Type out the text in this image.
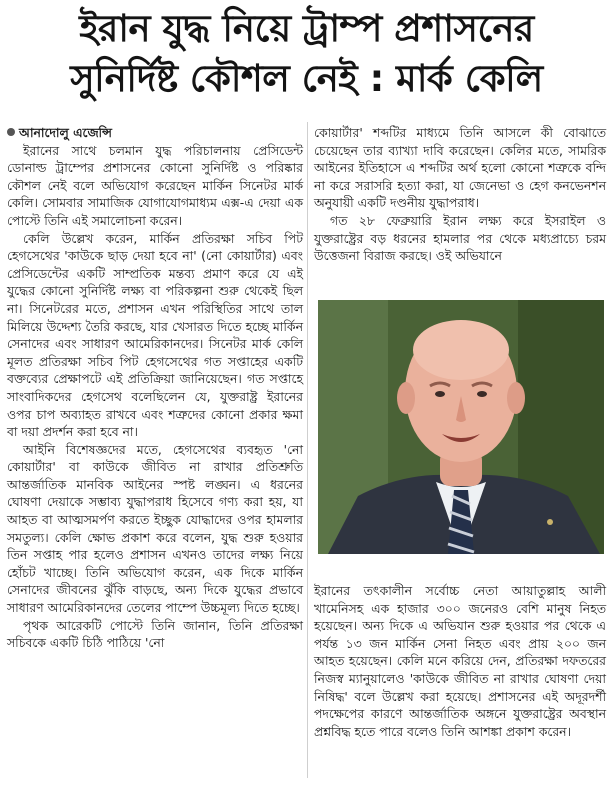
ইরান যুদ্ধ নিয়ে ট্রাম্প প্রশাসনের
সুনির্দিষ্ট কৌশল নেই : মার্ক কেলি
আনাদোলু এজেন্সি

ইরানের সাথে চলমান যুদ্ধ পরিচালনায় প্রেসিডেন্ট ডোনাল্ড ট্রাম্পের প্রশাসনের কোনো সুনির্দিষ্ট ও পরিষ্কার কৌশল নেই বলে অভিযোগ করেছেন মার্কিন সিনেটর মার্ক কেলি। সোমবার সামাজিক যোগাযোগমাধ্যম এক্স-এ দেয়া এক পোস্টে তিনি এই সমালোচনা করেন।

কেলি উল্লেখ করেন, মার্কিন প্রতিরক্ষা সচিব পিট হেগসেথের 'কাউকে ছাড় দেয়া হবে না' (নো কোয়ার্টার) এবং প্রেসিডেন্টের একটি সাম্প্রতিক মন্তব্য প্রমাণ করে যে এই যুদ্ধের কোনো সুনির্দিষ্ট লক্ষ্য বা পরিকল্পনা শুরু থেকেই ছিল না। সিনেটরের মতে, প্রশাসন এখন পরিস্থিতির সাথে তাল মিলিয়ে উদ্দেশ্য তৈরি করছে, যার খেসারত দিতে হচ্ছে মার্কিন সেনাদের এবং সাধারণ আমেরিকানদের। সিনেটর মার্ক কেলি মূলত প্রতিরক্ষা সচিব পিট হেগসেথের গত সপ্তাহের একটি বক্তব্যের প্রেক্ষাপটে এই প্রতিক্রিয়া জানিয়েছেন। গত সপ্তাহে সাংবাদিকদের হেগসেথ বলেছিলেন যে, যুক্তরাষ্ট্র ইরানের ওপর চাপ অব্যাহত রাখবে এবং শত্রুদের কোনো প্রকার ক্ষমা বা দয়া প্রদর্শন করা হবে না।

আইনি বিশেষজ্ঞদের মতে, হেগসেথের ব্যবহৃত 'নো কোয়ার্টার' বা কাউকে জীবিত না রাখার প্রতিশ্রুতি আন্তর্জাতিক মানবিক আইনের স্পষ্ট লঙ্ঘন। এ ধরনের ঘোষণা দেয়াকে সম্ভাব্য যুদ্ধাপরাধ হিসেবে গণ্য করা হয়, যা আহত বা আত্মসমর্পণ করতে ইচ্ছুক যোদ্ধাদের ওপর হামলার সমতুল্য। কেলি ক্ষোভ প্রকাশ করে বলেন, যুদ্ধ শুরু হওয়ার তিন সপ্তাহ পার হলেও প্রশাসন এখনও তাদের লক্ষ্য নিয়ে হোঁচট খাচ্ছে। তিনি অভিযোগ করেন, এক দিকে মার্কিন সেনাদের জীবনের ঝুঁকি বাড়ছে, অন্য দিকে যুদ্ধের প্রভাবে সাধারণ আমেরিকানদের তেলের পাম্পে উচ্চমূল্য দিতে হচ্ছে।

পৃথক আরেকটি পোস্টে তিনি জানান, তিনি প্রতিরক্ষা সচিবকে একটি চিঠি পাঠিয়ে 'নো

কোয়ার্টার' শব্দটির মাধ্যমে তিনি আসলে কী বোঝাতে চেয়েছেন তার ব্যাখ্যা দাবি করেছেন। কেলির মতে, সামরিক আইনের ইতিহাসে এ শব্দটির অর্থ হলো কোনো শত্রুকে বন্দি না করে সরাসরি হত্যা করা, যা জেনেভা ও হেগ কনভেনশন অনুযায়ী একটি দণ্ডনীয় যুদ্ধাপরাধ।

গত ২৮ ফেব্রুয়ারি ইরান লক্ষ্য করে ইসরাইল ও যুক্তরাষ্ট্রের বড় ধরনের হামলার পর থেকে মধ্যপ্রাচ্যে চরম উত্তেজনা বিরাজ করছে। ওই অভিযানে

ইরানের তৎকালীন সর্বোচ্চ নেতা আয়াতুল্লাহ আলী খামেনিসহ এক হাজার ৩০০ জনেরও বেশি মানুষ নিহত হয়েছেন। অন্য দিকে এ অভিযান শুরু হওয়ার পর থেকে এ পর্যন্ত ১৩ জন মার্কিন সেনা নিহত এবং প্রায় ২০০ জন আহত হয়েছেন। কেলি মনে করিয়ে দেন, প্রতিরক্ষা দফতরের নিজস্ব ম্যানুয়ালেও 'কাউকে জীবিত না রাখার ঘোষণা দেয়া নিষিদ্ধ' বলে উল্লেখ করা হয়েছে। প্রশাসনের এই অদূরদর্শী পদক্ষেপের কারণে আন্তর্জাতিক অঙ্গনে যুক্তরাষ্ট্রের অবস্থান প্রশ্নবিদ্ধ হতে পারে বলেও তিনি আশঙ্কা প্রকাশ করেন।
